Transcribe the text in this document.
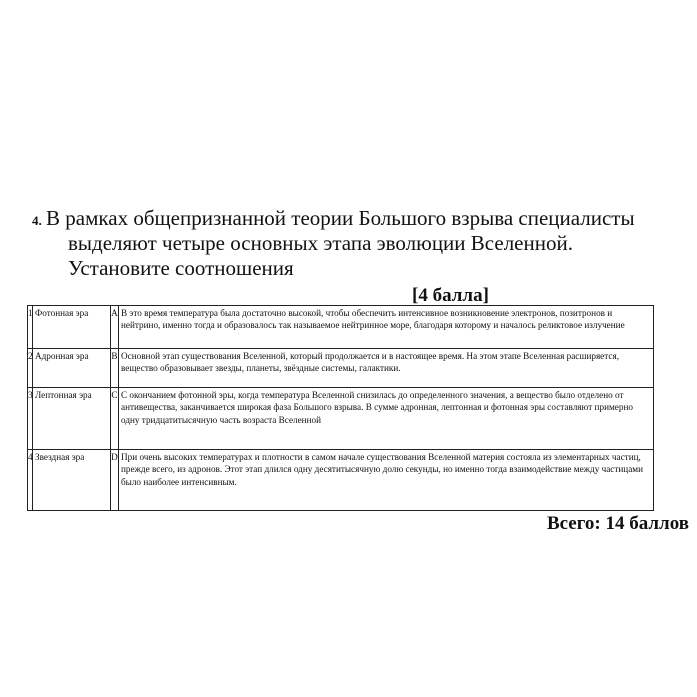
4. В рамках общепризнанной теории Большого взрыва специалисты
выделяют четыре основных этапа эволюции Вселенной.
Установите соотношения
[4 балла]
1	Фотонная эра	A	В это время температура была достаточно высокой, чтобы обеспечить интенсивное возникновение электронов, позитронов и нейтрино, именно тогда и образовалось так называемое нейтринное море, благодаря которому и началось реликтовое излучение
2	Адронная эра	B	Основной этап существования Вселенной, который продолжается и в настоящее время. На этом этапе Вселенная расширяется, вещество образовывает звезды, планеты, звёздные системы, галактики.
3	Лептонная эра	C	С окончанием фотонной эры, когда температура Вселенной снизилась до определенного значения, а вещество было отделено от антивещества, заканчивается широкая фаза Большого взрыва. В сумме адронная, лептонная и фотонная эры составляют примерно одну тридцатитысячную часть возраста Вселенной
4	Звездная эра	D	При очень высоких температурах и плотности в самом начале существования Вселенной материя состояла из элементарных частиц, прежде всего, из адронов. Этот этап длился одну десятитысячную долю секунды, но именно тогда взаимодействие между частицами было наиболее интенсивным.
Всего: 14 баллов
